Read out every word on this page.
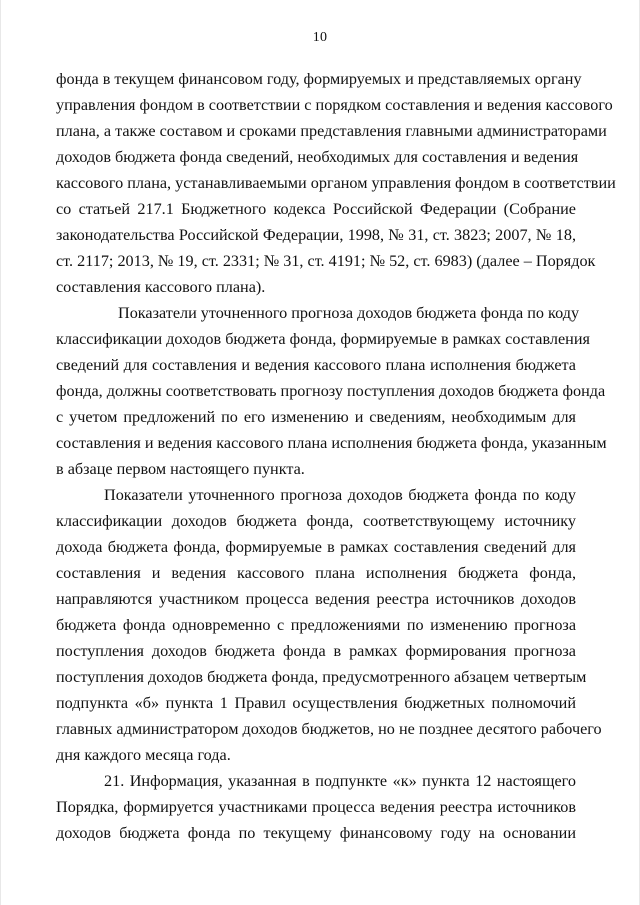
10
фонда в текущем финансовом году, формируемых и представляемых органу
управления фондом в соответствии с порядком составления и ведения кассового
плана, а также составом и сроками представления главными администраторами
доходов бюджета фонда сведений, необходимых для составления и ведения
кассового плана, устанавливаемыми органом управления фондом в соответствии
со статьей 217.1 Бюджетного кодекса Российской Федерации (Собрание
законодательства Российской Федерации, 1998, № 31, ст. 3823; 2007, № 18,
ст. 2117; 2013, № 19, ст. 2331; № 31, ст. 4191; № 52, ст. 6983) (далее – Порядок
составления кассового плана).
Показатели уточненного прогноза доходов бюджета фонда по коду
классификации доходов бюджета фонда, формируемые в рамках составления
сведений для составления и ведения кассового плана исполнения бюджета
фонда, должны соответствовать прогнозу поступления доходов бюджета фонда
с учетом предложений по его изменению и сведениям, необходимым для
составления и ведения кассового плана исполнения бюджета фонда, указанным
в абзаце первом настоящего пункта.
Показатели уточненного прогноза доходов бюджета фонда по коду
классификации доходов бюджета фонда, соответствующему источнику
дохода бюджета фонда, формируемые в рамках составления сведений для
составления и ведения кассового плана исполнения бюджета фонда,
направляются участником процесса ведения реестра источников доходов
бюджета фонда одновременно с предложениями по изменению прогноза
поступления доходов бюджета фонда в рамках формирования прогноза
поступления доходов бюджета фонда, предусмотренного абзацем четвертым
подпункта «б» пункта 1 Правил осуществления бюджетных полномочий
главных администратором доходов бюджетов, но не позднее десятого рабочего
дня каждого месяца года.
21. Информация, указанная в подпункте «к» пункта 12 настоящего
Порядка, формируется участниками процесса ведения реестра источников
доходов бюджета фонда по текущему финансовому году на основании
